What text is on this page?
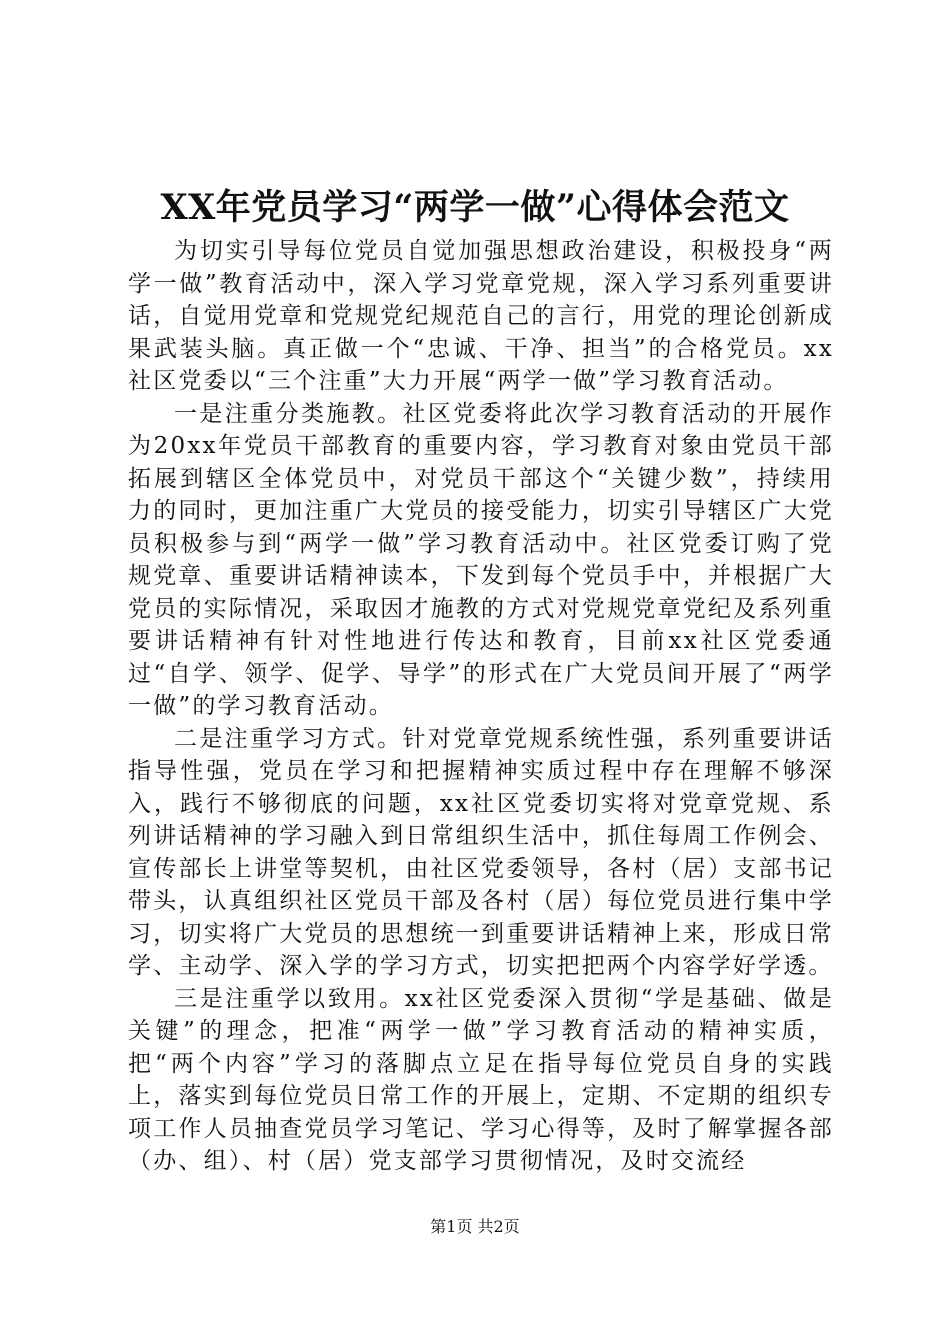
XX年党员学习“两学一做”心得体会范文

为切实引导每位党员自觉加强思想政治建设，积极投身“两学一做”教育活动中，深入学习党章党规，深入学习系列重要讲话，自觉用党章和党规党纪规范自己的言行，用党的理论创新成果武装头脑。真正做一个“忠诚、干净、担当”的合格党员。xx社区党委以“三个注重”大力开展“两学一做”学习教育活动。

一是注重分类施教。社区党委将此次学习教育活动的开展作为20xx年党员干部教育的重要内容，学习教育对象由党员干部拓展到辖区全体党员中，对党员干部这个“关键少数”，持续用力的同时，更加注重广大党员的接受能力，切实引导辖区广大党员积极参与到“两学一做”学习教育活动中。社区党委订购了党规党章、重要讲话精神读本，下发到每个党员手中，并根据广大党员的实际情况，采取因才施教的方式对党规党章党纪及系列重要讲话精神有针对性地进行传达和教育，目前xx社区党委通过“自学、领学、促学、导学”的形式在广大党员间开展了“两学一做”的学习教育活动。

二是注重学习方式。针对党章党规系统性强，系列重要讲话指导性强，党员在学习和把握精神实质过程中存在理解不够深入，践行不够彻底的问题，xx社区党委切实将对党章党规、系列讲话精神的学习融入到日常组织生活中，抓住每周工作例会、宣传部长上讲堂等契机，由社区党委领导，各村（居）支部书记带头，认真组织社区党员干部及各村（居）每位党员进行集中学习，切实将广大党员的思想统一到重要讲话精神上来，形成日常学、主动学、深入学的学习方式，切实把把两个内容学好学透。

三是注重学以致用。xx社区党委深入贯彻“学是基础、做是关键”的理念，把准“两学一做”学习教育活动的精神实质，把“两个内容”学习的落脚点立足在指导每位党员自身的实践上，落实到每位党员日常工作的开展上，定期、不定期的组织专项工作人员抽查党员学习笔记、学习心得等，及时了解掌握各部（办、组）、村（居）党支部学习贯彻情况，及时交流经

第1页 共2页
